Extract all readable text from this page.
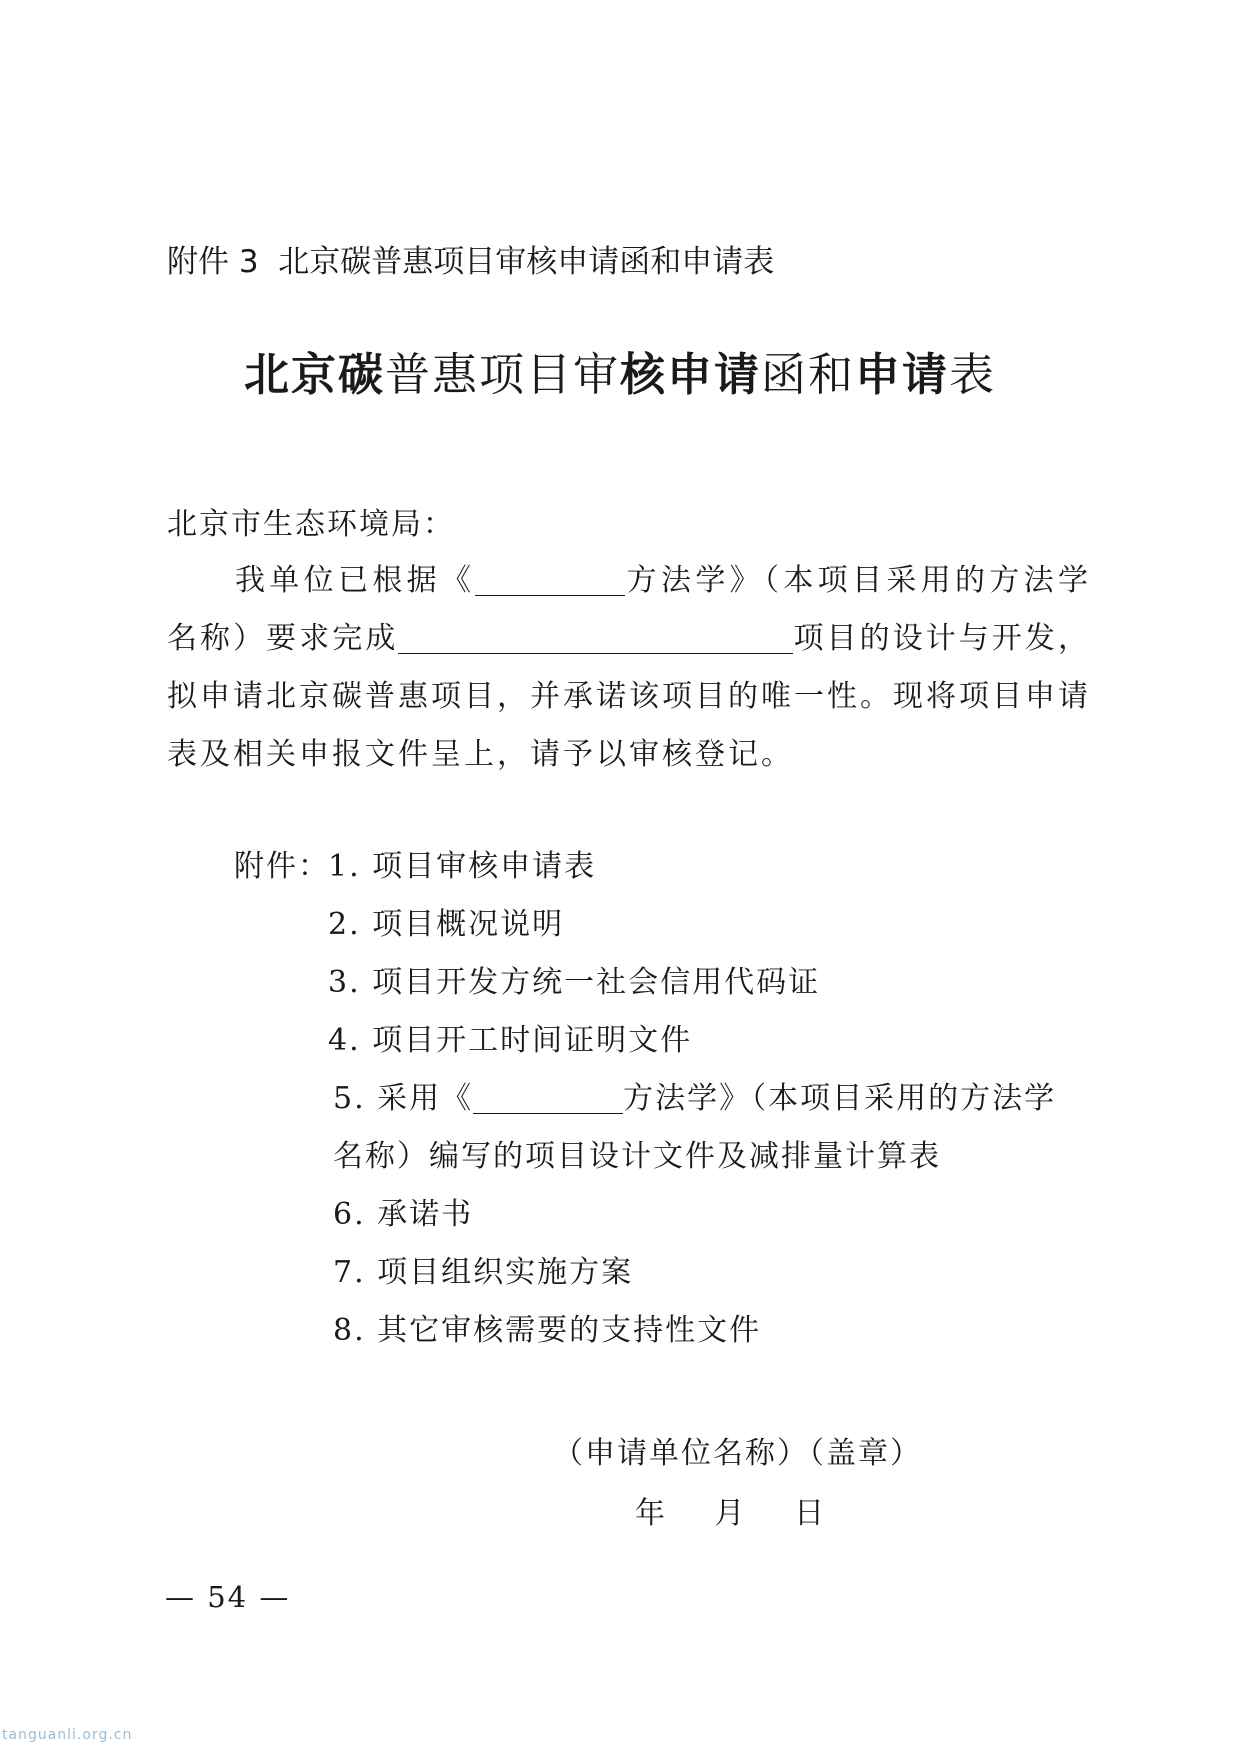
附件 3 北京碳普惠项目审核申请函和申请表
北京碳普惠项目审核申请函和申请表
北京市生态环境局：
我单位已根据《	方法学》（本项目采用的方法学名称）要求完成	项目的设计与开发，拟申请北京碳普惠项目，并承诺该项目的唯一性。现将项目申请表及相关申报文件呈上，请予以审核登记。
附件：
1. 项目审核申请表
2. 项目概况说明
3. 项目开发方统一社会信用代码证
4. 项目开工时间证明文件
5. 采用《	方法学》（本项目采用的方法学
名称）编写的项目设计文件及减排量计算表
6. 承诺书
7. 项目组织实施方案
8. 其它审核需要的支持性文件
（申请单位名称）（盖章）
年 月 日
— 54 —
tanguanli.org.cn
